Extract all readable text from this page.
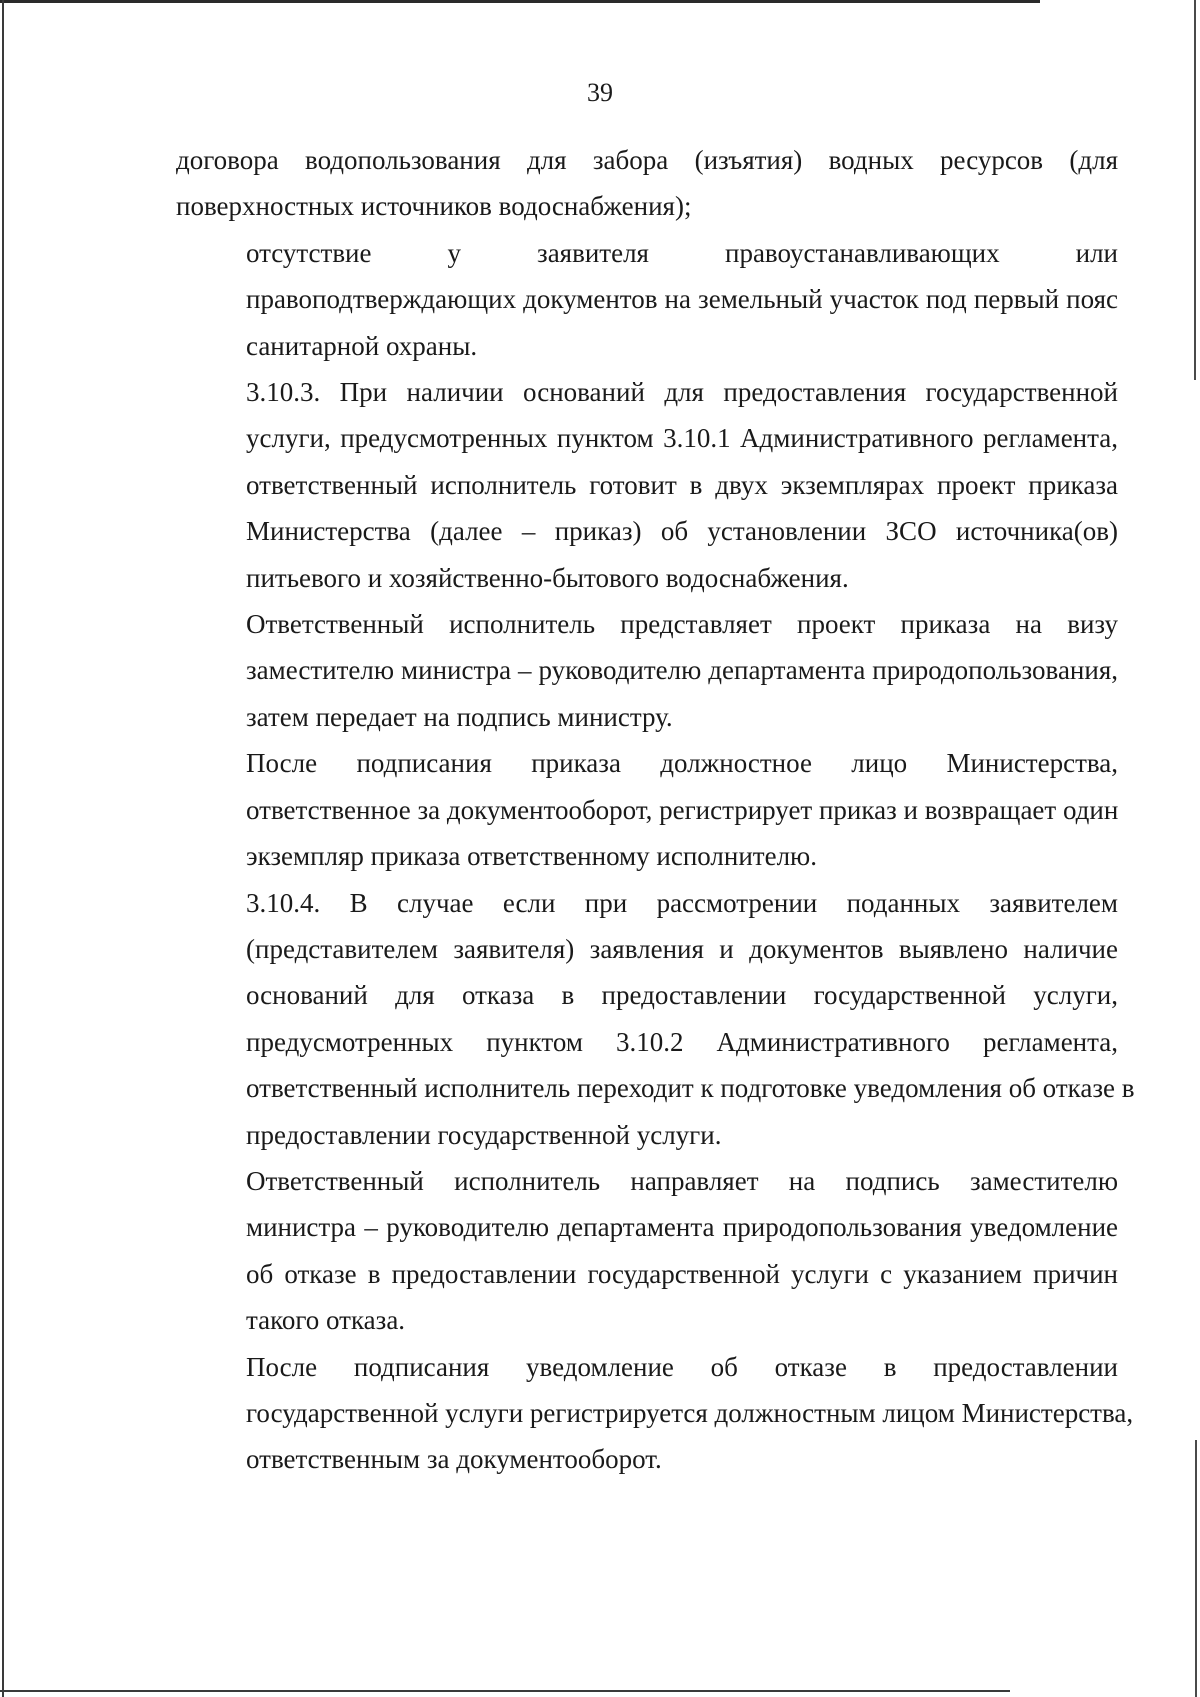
39

договора водопользования для забора (изъятия) водных ресурсов (для
поверхностных источников водоснабжения);

отсутствие у заявителя правоустанавливающих или
правоподтверждающих документов на земельный участок под первый пояс
санитарной охраны.

3.10.3. При наличии оснований для предоставления государственной
услуги, предусмотренных пунктом 3.10.1 Административного регламента,
ответственный исполнитель готовит в двух экземплярах проект приказа
Министерства (далее – приказ) об установлении ЗСО источника(ов)
питьевого и хозяйственно-бытового водоснабжения.

Ответственный исполнитель представляет проект приказа на визу
заместителю министра – руководителю департамента природопользования,
затем передает на подпись министру.

После подписания приказа должностное лицо Министерства,
ответственное за документооборот, регистрирует приказ и возвращает один
экземпляр приказа ответственному исполнителю.

3.10.4. В случае если при рассмотрении поданных заявителем
(представителем заявителя) заявления и документов выявлено наличие
оснований для отказа в предоставлении государственной услуги,
предусмотренных пунктом 3.10.2 Административного регламента,
ответственный исполнитель переходит к подготовке уведомления об отказе в
предоставлении государственной услуги.

Ответственный исполнитель направляет на подпись заместителю
министра – руководителю департамента природопользования уведомление
об отказе в предоставлении государственной услуги с указанием причин
такого отказа.

После подписания уведомление об отказе в предоставлении
государственной услуги регистрируется должностным лицом Министерства,
ответственным за документооборот.
